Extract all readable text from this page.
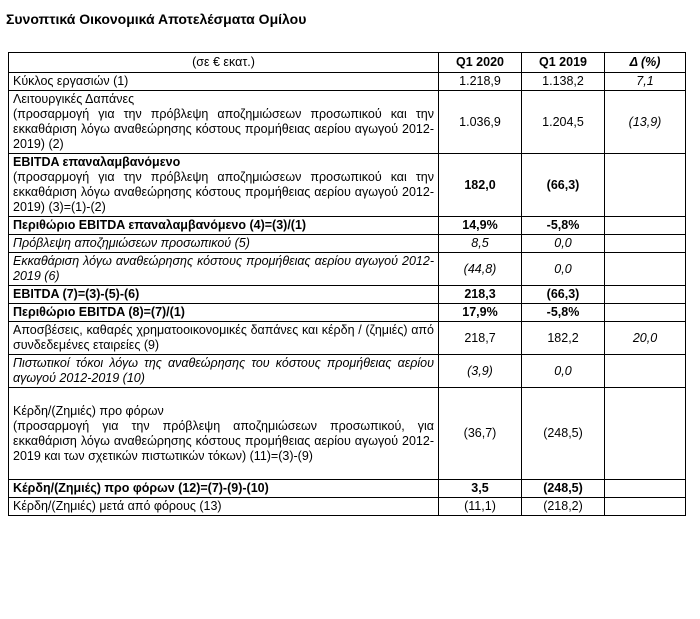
Συνοπτικά Οικονομικά Αποτελέσματα Ομίλου
(σε € εκατ.)	Q1 2020	Q1 2019	Δ (%)
Κύκλος εργασιών (1)	1.218,9	1.138,2	7,1
Λειτουργικές Δαπάνες
(προσαρμογή για την πρόβλεψη αποζημιώσεων προσωπικού και την εκκαθάριση λόγω αναθεώρησης κόστους προμήθειας αερίου αγωγού 2012-2019) (2)	1.036,9	1.204,5	(13,9)
EBITDA επαναλαμβανόμενο
(προσαρμογή για την πρόβλεψη αποζημιώσεων προσωπικού και την εκκαθάριση λόγω αναθεώρησης κόστους προμήθειας αερίου αγωγού 2012-2019) (3)=(1)-(2)	182,0	(66,3)	
Περιθώριο EBITDA επαναλαμβανόμενο (4)=(3)/(1)	14,9%	-5,8%	
Πρόβλεψη αποζημιώσεων προσωπικού (5)	8,5	0,0	
Εκκαθάριση λόγω αναθεώρησης κόστους προμήθειας αερίου αγωγού 2012-2019 (6)	(44,8)	0,0	
EBITDA (7)=(3)-(5)-(6)	218,3	(66,3)	
Περιθώριο EBITDA (8)=(7)/(1)	17,9%	-5,8%	
Αποσβέσεις, καθαρές χρηματοοικονομικές δαπάνες και κέρδη / (ζημιές) από συνδεδεμένες εταιρείες (9)	218,7	182,2	20,0
Πιστωτικοί τόκοι λόγω της αναθεώρησης του κόστους προμήθειας αερίου αγωγού 2012-2019 (10)	(3,9)	0,0	
Κέρδη/(Ζημιές) προ φόρων
(προσαρμογή για την πρόβλεψη αποζημιώσεων προσωπικού, για εκκαθάριση λόγω αναθεώρησης κόστους προμήθειας αερίου αγωγού 2012-2019 και των σχετικών πιστωτικών τόκων) (11)=(3)-(9)	(36,7)	(248,5)	
Κέρδη/(Ζημιές) προ φόρων (12)=(7)-(9)-(10)	3,5	(248,5)	
Κέρδη/(Ζημιές) μετά από φόρους (13)	(11,1)	(218,2)	
